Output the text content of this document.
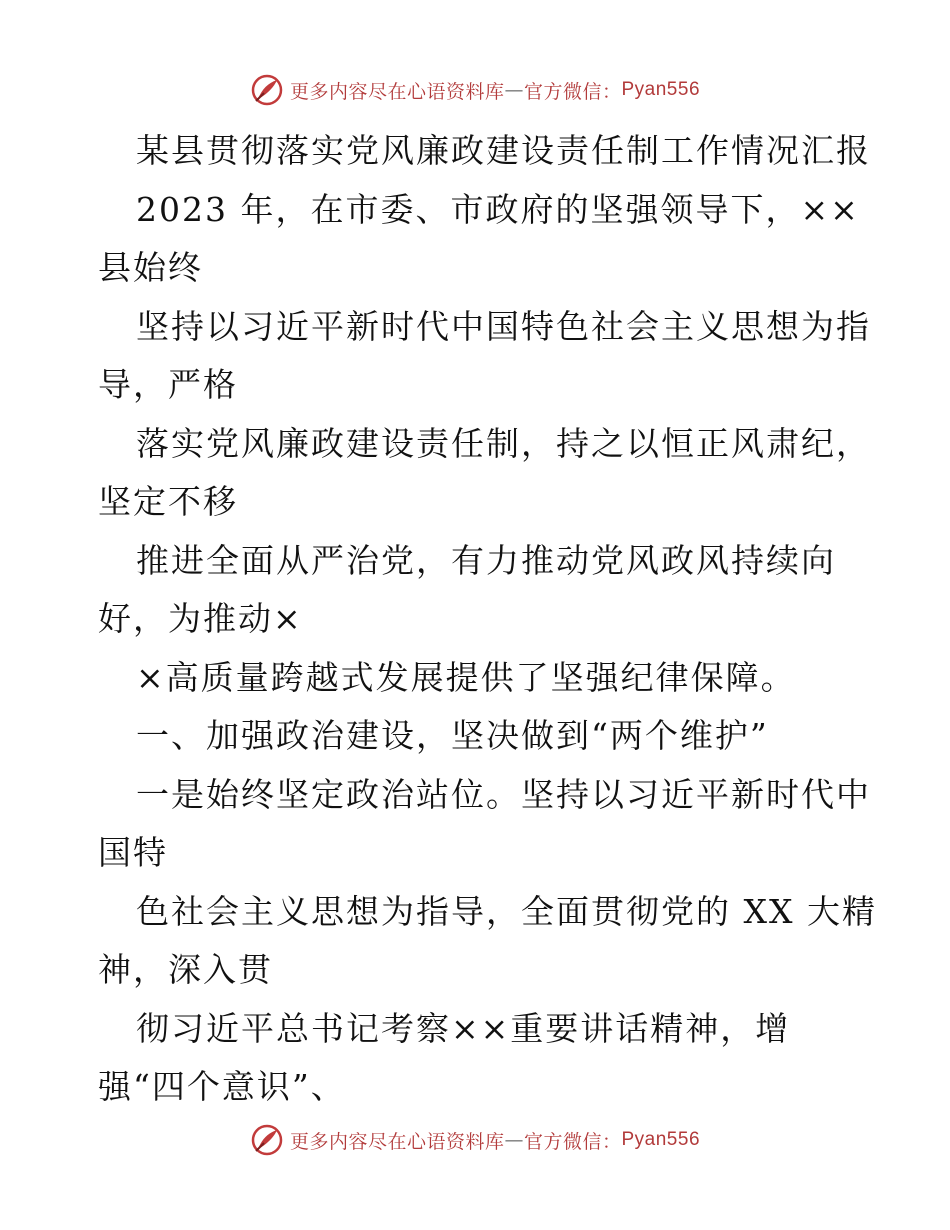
更多内容尽在心语资料库 — 官方微信： Pyan556
某县贯彻落实党风廉政建设责任制工作情况汇报
2023 年，在市委、市政府的坚强领导下，××
县始终
坚持以习近平新时代中国特色社会主义思想为指
导，严格
落实党风廉政建设责任制，持之以恒正风肃纪，
坚定不移
推进全面从严治党，有力推动党风政风持续向
好，为推动×
×高质量跨越式发展提供了坚强纪律保障。
一、加强政治建设，坚决做到“两个维护”
一是始终坚定政治站位。坚持以习近平新时代中
国特
色社会主义思想为指导，全面贯彻党的 XX 大精
神，深入贯
彻习近平总书记考察××重要讲话精神，增
强“四个意识”、
更多内容尽在心语资料库 — 官方微信： Pyan556
